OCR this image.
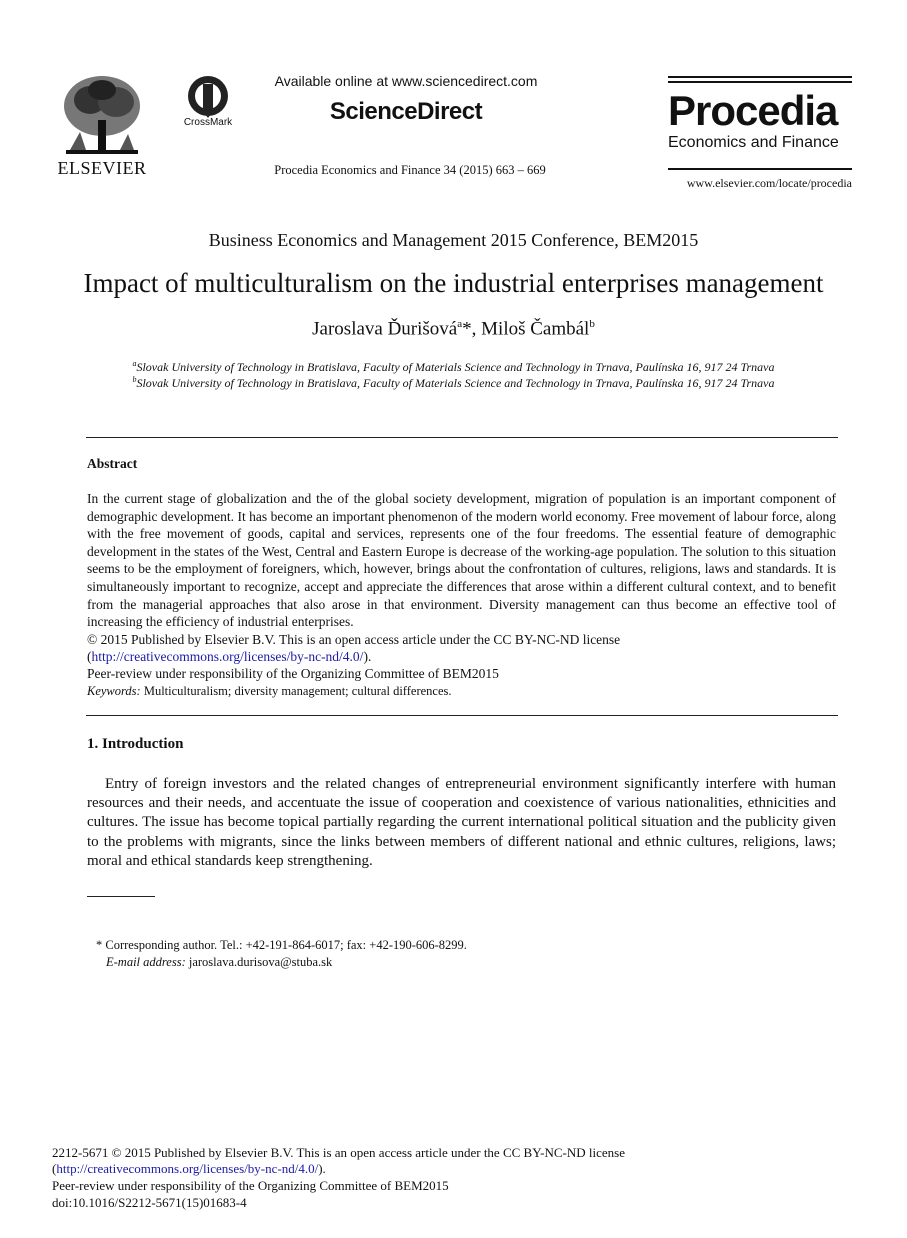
ELSEVIER
CrossMark
Available online at www.sciencedirect.com
ScienceDirect
Procedia Economics and Finance 34 (2015) 663 – 669
Procedia
Economics and Finance
www.elsevier.com/locate/procedia
Business Economics and Management 2015 Conference, BEM2015
Impact of multiculturalism on the industrial enterprises management
Jaroslava Ďurišová$^a$*, Miloš Čambál$^b$
$^a$Slovak University of Technology in Bratislava, Faculty of Materials Science and Technology in Trnava, Paulínska 16, 917 24 Trnava
$^b$Slovak University of Technology in Bratislava, Faculty of Materials Science and Technology in Trnava, Paulínska 16, 917 24 Trnava
Abstract
In the current stage of globalization and the of the global society development, migration of population is an important component of demographic development. It has become an important phenomenon of the modern world economy. Free movement of labour force, along with the free movement of goods, capital and services, represents one of the four freedoms. The essential feature of demographic development in the states of the West, Central and Eastern Europe is decrease of the working-age population. The solution to this situation seems to be the employment of foreigners, which, however, brings about the confrontation of cultures, religions, laws and standards. It is simultaneously important to recognize, accept and appreciate the differences that arose within a different cultural context, and to benefit from the managerial approaches that also arose in that environment. Diversity management can thus become an effective tool of increasing the efficiency of industrial enterprises.
© 2015 Published by Elsevier B.V. This is an open access article under the CC BY-NC-ND license
(http://creativecommons.org/licenses/by-nc-nd/4.0/).
Peer-review under responsibility of the Organizing Committee of BEM2015
Keywords: Multiculturalism; diversity management; cultural differences.
1. Introduction
Entry of foreign investors and the related changes of entrepreneurial environment significantly interfere with human resources and their needs, and accentuate the issue of cooperation and coexistence of various nationalities, ethnicities and cultures. The issue has become topical partially regarding the current international political situation and the publicity given to the problems with migrants, since the links between members of different national and ethnic cultures, religions, laws; moral and ethical standards keep strengthening.
* Corresponding author. Tel.: +42-191-864-6017; fax: +42-190-606-8299.
E-mail address: jaroslava.durisova@stuba.sk
2212-5671 © 2015 Published by Elsevier B.V. This is an open access article under the CC BY-NC-ND license
(http://creativecommons.org/licenses/by-nc-nd/4.0/).
Peer-review under responsibility of the Organizing Committee of BEM2015
doi:10.1016/S2212-5671(15)01683-4
